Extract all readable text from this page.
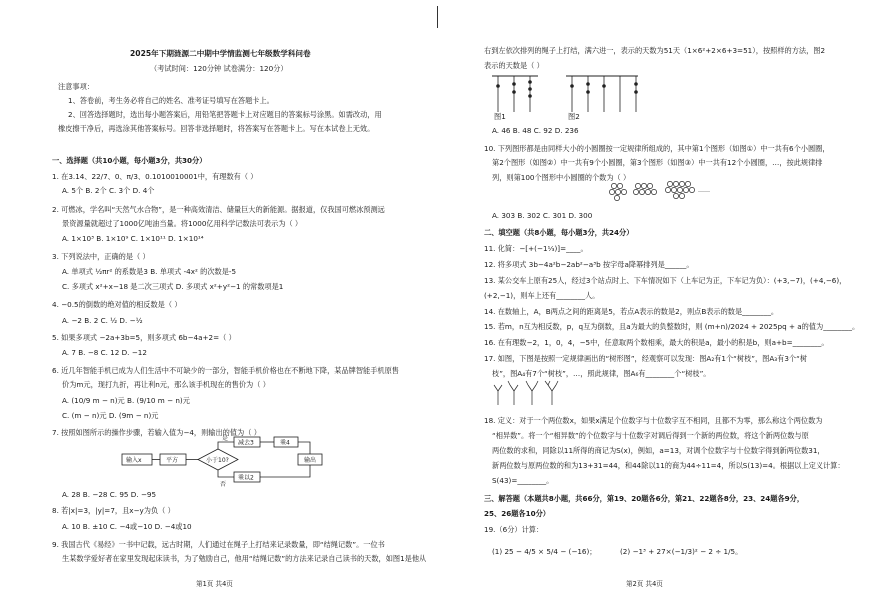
2025年下期涟源二中期中学情监测七年级数学科问卷
（考试时间：120分钟 试卷满分：120分）
注意事项：
1、答卷前，考生务必将自己的姓名、准考证号填写在答题卡上。
2、回答选择题时，选出每小题答案后，用铅笔把答题卡上对应题目的答案标号涂黑。如需改动，用
橡皮擦干净后，再选涂其他答案标号。回答非选择题时，将答案写在答题卡上。写在本试卷上无效。
一、选择题（共10小题，每小题3分，共30分）
1. 在3.14、22/7、0、π/3、0.1010010001中，有理数有（ ）
A. 5个 B. 2个 C. 3个 D. 4个
2. 可燃冰，学名叫“天然气水合物”，是一种高效清洁、储量巨大的新能源。据报道，仅我国可燃冰预测远
景资源量就超过了1000亿吨油当量。将1000亿用科学记数法可表示为（ ）
A. 1×10³ B. 1×10⁹ C. 1×10¹¹ D. 1×10¹⁴
3. 下列说法中，正确的是（ ）
A. 单项式 ½πr² 的系数是3 B. 单项式 -4x² 的次数是-5
C. 多项式 x²+x−18 是二次三项式 D. 多项式 x²+y²−1 的常数项是1
4. −0.5的倒数的绝对值的相反数是（ ）
A. −2 B. 2 C. ½ D. −½
5. 如果多项式 −2a+3b=5，则多项式 6b−4a+2=（ ）
A. 7 B. −8 C. 12 D. −12
6. 近几年智能手机已成为人们生活中不可缺少的一部分，智能手机价格也在不断地下降，某品牌智能手机原售
价为m元，现打九折，再让利n元，那么该手机现在的售价为（ ）
A. (10/9 m − n)元 B. (9/10 m − n)元
C. (m − n)元 D. (9m − n)元
7. 按照如图所示的操作步骤，若输入值为−4，则输出的值为（ ）
输入x	平方	小于10?
是
减去3	乘4
否
乘以2
输出
A. 28 B. −28 C. 95 D. −95
8. 若|x|=3，|y|=7，且x−y为负（ ）
A. 10 B. ±10 C. −4或−10 D. −4或10
9. 我国古代《易经》一书中记载，远古时期，人们通过在绳子上打结来记录数量，即“结绳记数”。一位书
生某数学爱好者在家里发现起床读书，为了勉励自己，他用“结绳记数”的方法来记录自己读书的天数，如图1是他从
第1页 共4页
右到左依次排列的绳子上打结，满六进一，表示的天数为51天（1×6²+2×6+3=51），按照样的方法，图2
表示的天数是（ ）
图1	图2
A. 46 B. 48 C. 92 D. 236
10. 下列图形都是由同样大小的小圆圈按一定规律所组成的，其中第1个图形（如图①）中一共有6个小圆圈，
第2个图形（如图②）中一共有9个小圆圈，第3个图形（如图③）中一共有12个小圆圈，…，按此规律排
列，则第100个图形中小圆圈的个数为（ ）
……
A. 303 B. 302 C. 301 D. 300
二、填空题（共8小题，每小题3分，共24分）
11. 化简：−[+(−1⅓)]=____。
12. 将多项式 3b−4a²b−2ab²−a³b 按字母a降幂排列是______。
13. 某公交车上原有25人，经过3个站点时上、下车情况如下（上车记为正，下车记为负）：(+3,−7)，(+4,−6)，
(+2,−1)，则车上还有________人。
14. 在数轴上，A，B两点之间的距离是5，若点A表示的数是2，则点B表示的数是________。
15. 若m，n互为相反数，p，q互为倒数，且a为最大的负整数时，则 (m+n)/2024 + 2025pq + a的值为________。
16. 在有理数−2，1，0，4，−5中，任意取两个数相乘，最大的积是a，最小的积是b，则a+b=________。
17. 如图，下图是按照一定规律画出的“树形图”，经观察可以发现：图A₂有1个“树枝”，图A₃有3个“树
枝”，图A₄有7个“树枝”，…，照此规律，图A₆有________个“树枝”。
18. 定义：对于一个两位数x，如果x满足个位数字与十位数字互不相同，且都不为零，那么称这个两位数为
“相异数”。将一个“相异数”的个位数字与十位数字对调后得到一个新的两位数，将这个新两位数与原
两位数的求和，同除以11所得的商记为S(x)，例如，a=13，对调个位数字与十位数字得到新两位数31，
新两位数与原两位数的和为13+31=44，和44除以11的商为44÷11=4，所以S(13)=4。根据以上定义计算：
S(43)=________。
三、解答题（本题共8小题，共66分，第19、20题各6分，第21、22题各8分，23、24题各9分，
25、26题各10分）
19.（6分）计算：
(1) 25 − 4/5 × 5/4 − (−16)；	(2) −1³ + 27×(−1/3)² − 2 ÷ 1/5。
第2页 共4页
